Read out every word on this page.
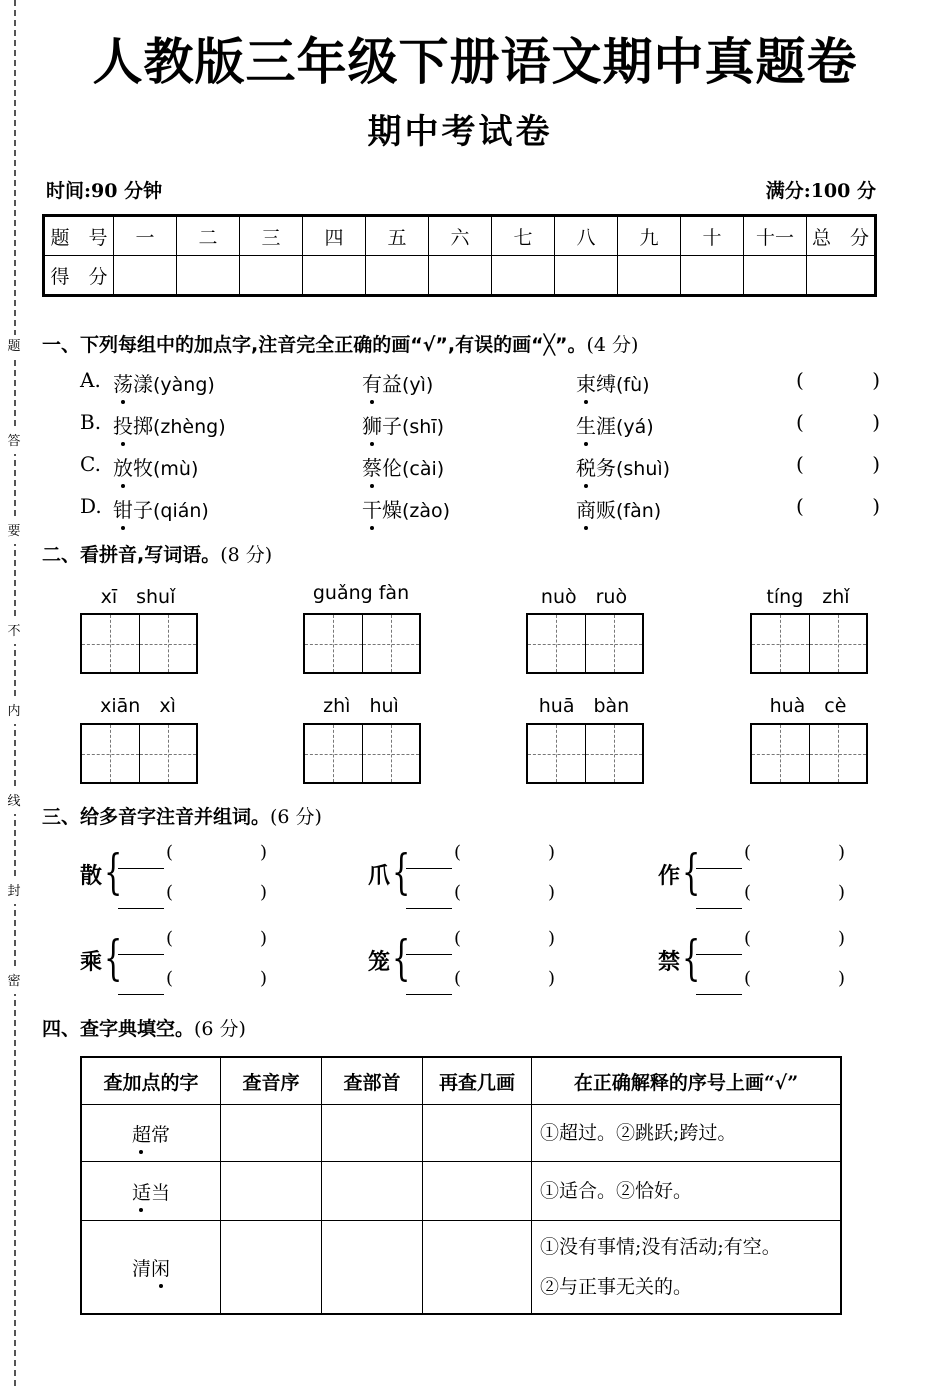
密
封
线
内
不
要
答
题
人教版三年级下册语文期中真题卷
期中考试卷
时间:90 分钟	满分:100 分
题　号	一	二	三	四	五	六	七	八	九	十	十一	总　分
得　分												
一、下列每组中的加点字,注音完全正确的画“√”,有误的画“╳”。(4 分)
A. 荡漾(yàng)	有益(yì)	束缚(fù)	(	)
B. 投掷(zhèng)	狮子(shī)	生涯(yá)	(	)
C. 放牧(mù)	蔡伦(cài)	税务(shuì)	(	)
D. 钳子(qián)	干燥(zào)	商贩(fàn)	(	)
二、看拼音,写词语。(8 分)
xī　shuǐ	guǎng fàn	nuò　ruò	tíng　zhǐ
xiān　xì	zhì　huì	huā　bàn	huà　cè
三、给多音字注音并组词。(6 分)
散 { (	)
(	)
爪 { (	)
(	)
作 { (	)
(	)
乘 { (	)
(	)
笼 { (	)
(	)
禁 { (	)
(	)
四、查字典填空。(6 分)
查加点的字	查音序	查部首	再查几画	在正确解释的序号上画“√”
超常				①超过。②跳跃;跨过。

适当				①适合。②恰好。

清闲				①没有事情;没有活动;有空。
②与正事无关的。
